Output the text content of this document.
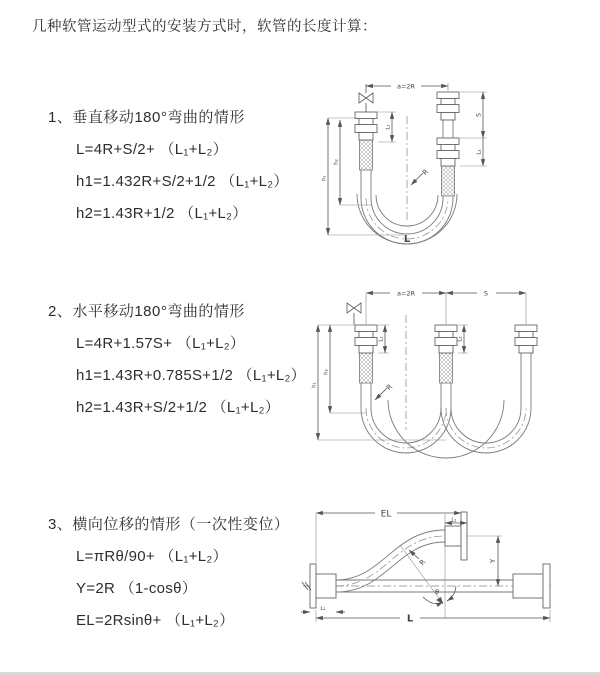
几种软管运动型式的安装方式时，软管的长度计算：
1、垂直移动180°弯曲的情形
L=4R+S/2+ （L₁+L₂）
h1=1.432R+S/2+1/2 （L₁+L₂）
h2=1.43R+1/2 （L₁+L₂）
a=2R
L₁
h₁
h₂
S
L₂
R
L
2、水平移动180°弯曲的情形
L=4R+1.57S+ （L₁+L₂）
h1=1.43R+0.785S+1/2 （L₁+L₂）
h2=1.43R+S/2+1/2 （L₁+L₂）
a=2R	S
h₁
h₂
L₁	L₂
R
3、横向位移的情形（一次性变位）
L=πRθ/90+ （L₁+L₂）
Y=2R （1-cosθ）
EL=2Rsinθ+ （L₁+L₂）
EL
L₁
Y
L
L₁
R
θ
